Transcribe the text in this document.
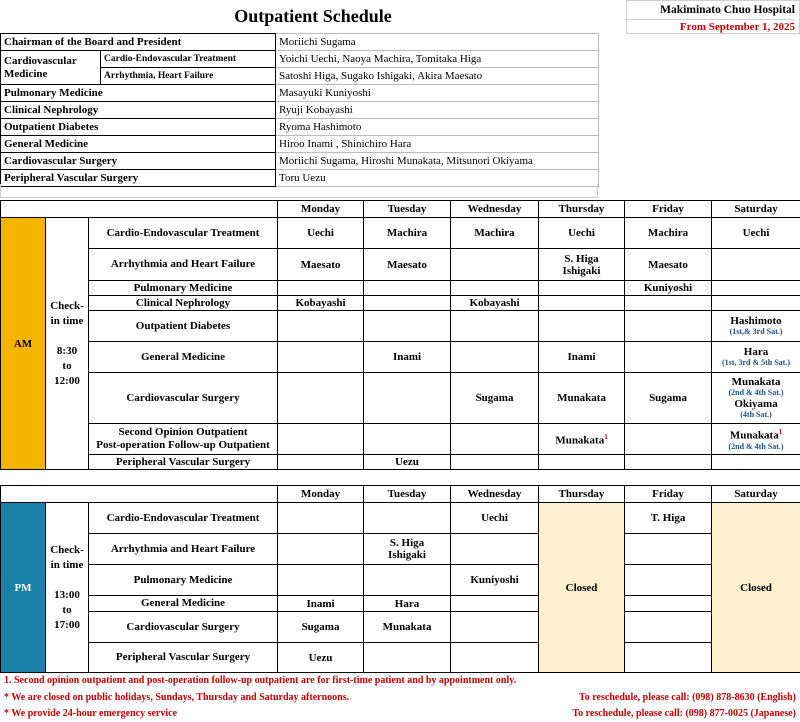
Outpatient Schedule	Makiminato Chuo Hospital
From September 1, 2025
Chairman of the Board and President		Moriichi Sugama
Cardiovascular Medicine	Cardio-Endovascular Treatment	Yoichi Uechi, Naoya Machira, Tomitaka Higa
	Arrhythmia, Heart Failure	Satoshi Higa, Sugako Ishigaki, Akira Maesato
Pulmonary Medicine		Masayuki Kuniyoshi
Clinical Nephrology		Ryuji Kobayashi
Outpatient Diabetes		Ryoma Hashimoto
General Medicine		Hiroo Inami , Shinichiro Hara
Cardiovascular Surgery		Moriichi Sugama, Hiroshi Munakata, Mitsunori Okiyama
Peripheral Vascular Surgery		Toru Uezu
			Monday	Tuesday	Wednesday	Thursday	Friday	Saturday
AM	Check-in time

8:30
to
12:00	Cardio-Endovascular Treatment	Uechi	Machira	Machira	Uechi	Machira	Uechi
		Arrhythmia and Heart Failure	Maesato	Maesato		S. Higa
Ishigaki	Maesato	
		Pulmonary Medicine					Kuniyoshi	
		Clinical Nephrology	Kobayashi		Kobayashi			
		Outpatient Diabetes						Hashimoto
(1st,& 3rd Sat.)

		General Medicine		Inami		Inami		Hara
(1st, 3rd & 5th Sat.)

		Cardiovascular Surgery			Sugama	Munakata	Sugama	Munakata
(2nd & 4th Sat.)
Okiyama
(4th Sat.)

		Second Opinion Outpatient
Post-operation Follow-up Outpatient				Munakata$^1$		Munakata$^1$
(2nd & 4th Sat.)

		Peripheral Vascular Surgery		Uezu				
			Monday	Tuesday	Wednesday	Thursday	Friday	Saturday
PM	Check-in time

13:00
to
17:00	Cardio-Endovascular Treatment			Uechi	Closed	T. Higa	Closed
		Arrhythmia and Heart Failure		S. Higa
Ishigaki				
		Pulmonary Medicine			Kuniyoshi			
		General Medicine	Inami	Hara				
		Cardiovascular Surgery	Sugama	Munakata				
		Peripheral Vascular Surgery	Uezu					
1. Second opinion outpatient and post-operation follow-up outpatient are for first-time patient and by appointment only.
* We are closed on public holidays, Sundays, Thursday and Saturday afternoons.
* We provide 24-hour emergency service
To reschedule, please call: (098) 878-8630 (English)
To reschedule, please call: (098) 877-0025 (Japanese)
